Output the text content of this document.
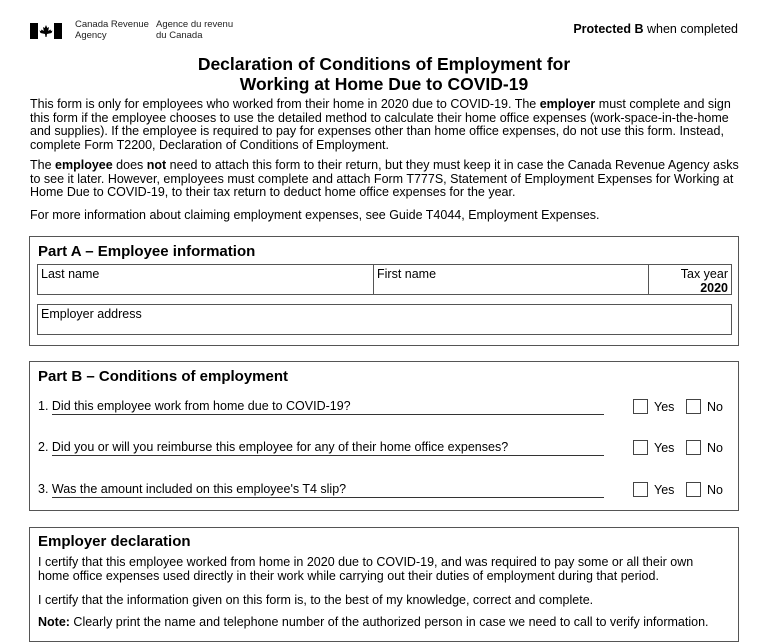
Canada Revenue
Agency
Agence du revenu
du Canada	Protected B when completed
Declaration of Conditions of Employment for
Working at Home Due to COVID-19
This form is only for employees who worked from their home in 2020 due to COVID-19. The employer must complete and sign this form if the employee chooses to use the detailed method to calculate their home office expenses (work-space-in-the-home and supplies). If the employee is required to pay for expenses other than home office expenses, do not use this form. Instead, complete Form T2200, Declaration of Conditions of Employment.
The employee does not need to attach this form to their return, but they must keep it in case the Canada Revenue Agency asks to see it later. However, employees must complete and attach Form T777S, Statement of Employment Expenses for Working at Home Due to COVID-19, to their tax return to deduct home office expenses for the year.
For more information about claiming employment expenses, see Guide T4044, Employment Expenses.
Part A – Employee information
Last name	First name	Tax year
2020
Employer address
Part B – Conditions of employment
1. Did this employee work from home due to COVID-19?	Yes	No
2. Did you or will you reimburse this employee for any of their home office expenses?	Yes	No
3. Was the amount included on this employee's T4 slip?	Yes	No
Employer declaration
I certify that this employee worked from home in 2020 due to COVID-19, and was required to pay some or all their own home office expenses used directly in their work while carrying out their duties of employment during that period.
I certify that the information given on this form is, to the best of my knowledge, correct and complete.
Note: Clearly print the name and telephone number of the authorized person in case we need to call to verify information.
